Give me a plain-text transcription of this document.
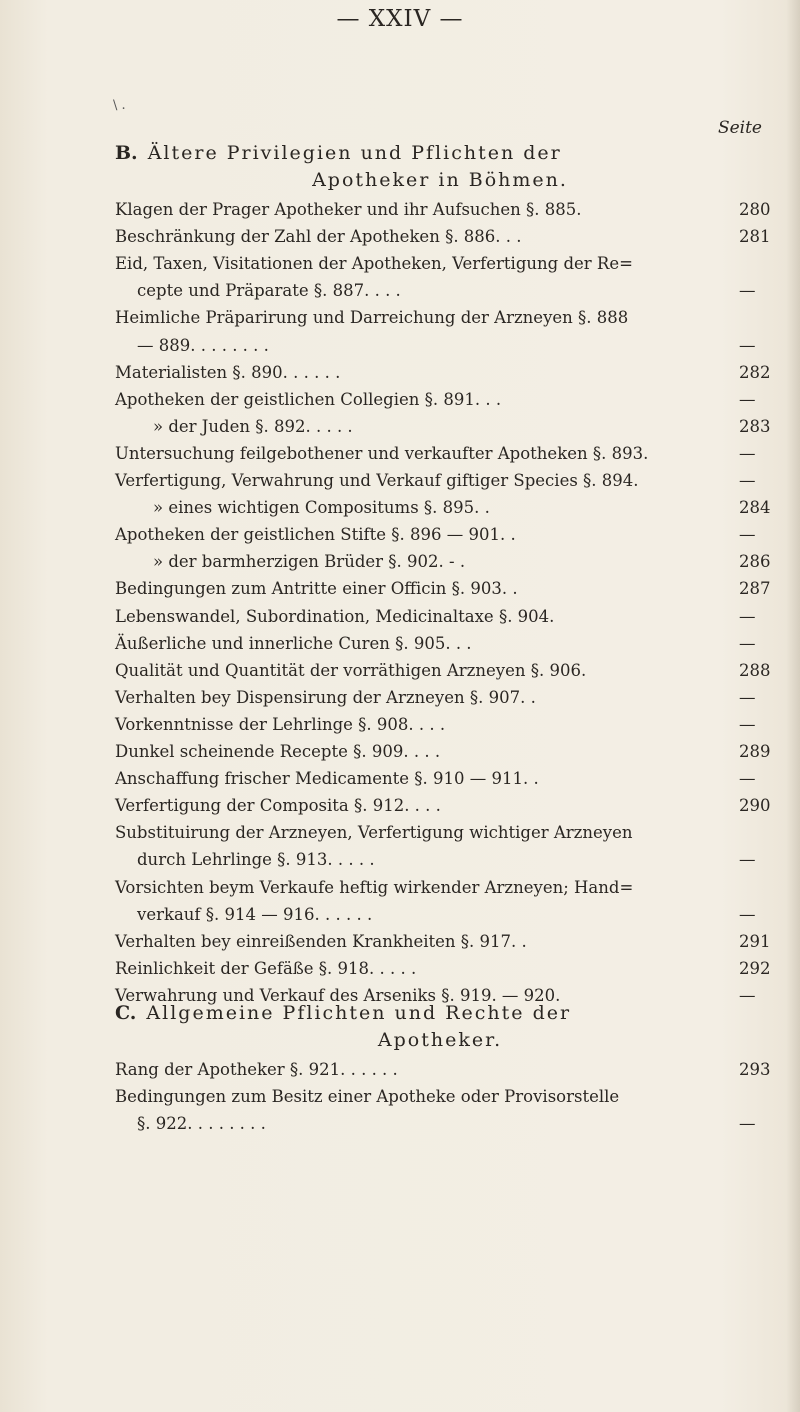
— XXIV —
\ .
Seite
B. Ältere Privilegien und Pflichten der
Apotheker in Böhmen.
Klagen der Prager Apotheker und ihr Aufsuchen §. 885.	280
Beschränkung der Zahl der Apotheken §. 886. . .	281
Eid, Taxen, Visitationen der Apotheken, Verfertigung der Re=
cepte und Präparate §. 887. . . .	—
Heimliche Präparirung und Darreichung der Arzneyen §. 888
— 889. . . . . . . .	—
Materialisten §. 890. . . . . .	282
Apotheken der geistlichen Collegien §. 891. . .	—
» der Juden §. 892. . . . .	283
Untersuchung feilgebothener und verkaufter Apotheken §. 893.	—
Verfertigung, Verwahrung und Verkauf giftiger Species §. 894.	—
» eines wichtigen Compositums §. 895. .	284
Apotheken der geistlichen Stifte §. 896 — 901. .	—
» der barmherzigen Brüder §. 902. - .	286
Bedingungen zum Antritte einer Officin §. 903. .	287
Lebenswandel, Subordination, Medicinaltaxe §. 904.	—
Äußerliche und innerliche Curen §. 905. . .	—
Qualität und Quantität der vorräthigen Arzneyen §. 906.	288
Verhalten bey Dispensirung der Arzneyen §. 907. .	—
Vorkenntnisse der Lehrlinge §. 908. . . .	—
Dunkel scheinende Recepte §. 909. . . .	289
Anschaffung frischer Medicamente §. 910 — 911. .	—
Verfertigung der Composita §. 912. . . .	290
Substituirung der Arzneyen, Verfertigung wichtiger Arzneyen
durch Lehrlinge §. 913. . . . .	—
Vorsichten beym Verkaufe heftig wirkender Arzneyen; Hand=
verkauf §. 914 — 916. . . . . .	—
Verhalten bey einreißenden Krankheiten §. 917. .	291
Reinlichkeit der Gefäße §. 918. . . . .	292
Verwahrung und Verkauf des Arseniks §. 919. — 920.	—
C. Allgemeine Pflichten und Rechte der
Apotheker.
Rang der Apotheker §. 921. . . . . .	293
Bedingungen zum Besitz einer Apotheke oder Provisorstelle
§. 922. . . . . . . .	—
